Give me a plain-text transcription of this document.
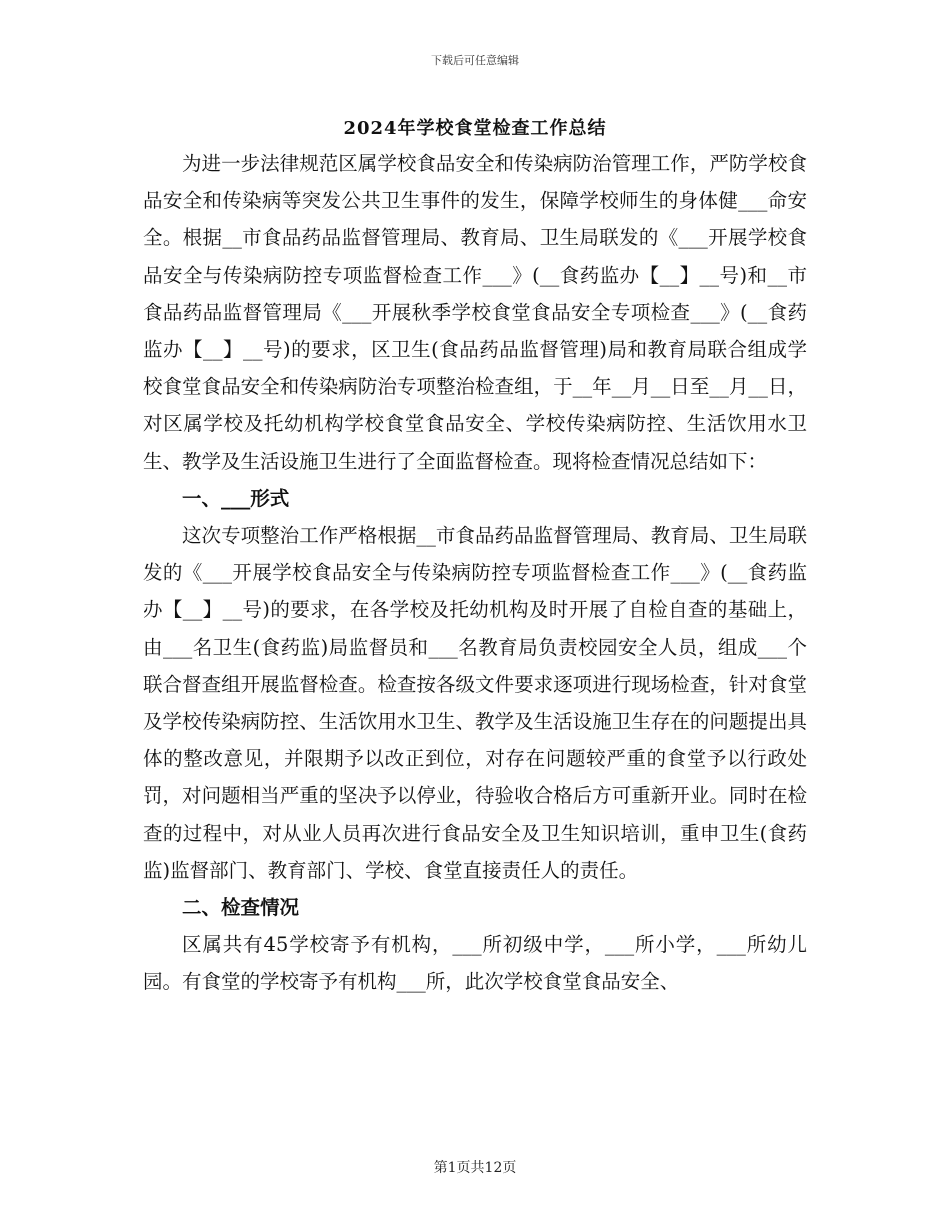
下载后可任意编辑
2024年学校食堂检查工作总结

为进一步法律规范区属学校食品安全和传染病防治管理工作，严防学校食品安全和传染病等突发公共卫生事件的发生，保障学校师生的身体健___命安全。根据__市食品药品监督管理局、教育局、卫生局联发的《___开展学校食品安全与传染病防控专项监督检查工作___》(__食药监办【__】__号)和__市食品药品监督管理局《___开展秋季学校食堂食品安全专项检查___》(__食药监办【__】__号)的要求，区卫生(食品药品监督管理)局和教育局联合组成学校食堂食品安全和传染病防治专项整治检查组，于__年__月__日至__月__日，对区属学校及托幼机构学校食堂食品安全、学校传染病防控、生活饮用水卫生、教学及生活设施卫生进行了全面监督检查。现将检查情况总结如下：

一、___形式

这次专项整治工作严格根据__市食品药品监督管理局、教育局、卫生局联发的《___开展学校食品安全与传染病防控专项监督检查工作___》(__食药监办【__】__号)的要求，在各学校及托幼机构及时开展了自检自查的基础上，由___名卫生(食药监)局监督员和___名教育局负责校园安全人员，组成___个联合督查组开展监督检查。检查按各级文件要求逐项进行现场检查，针对食堂及学校传染病防控、生活饮用水卫生、教学及生活设施卫生存在的问题提出具体的整改意见，并限期予以改正到位，对存在问题较严重的食堂予以行政处罚，对问题相当严重的坚决予以停业，待验收合格后方可重新开业。同时在检查的过程中，对从业人员再次进行食品安全及卫生知识培训，重申卫生(食药监)监督部门、教育部门、学校、食堂直接责任人的责任。

二、检查情况

区属共有45学校寄予有机构，___所初级中学，___所小学，___所幼儿园。有食堂的学校寄予有机构___所，此次学校食堂食品安全、

第1页共12页
